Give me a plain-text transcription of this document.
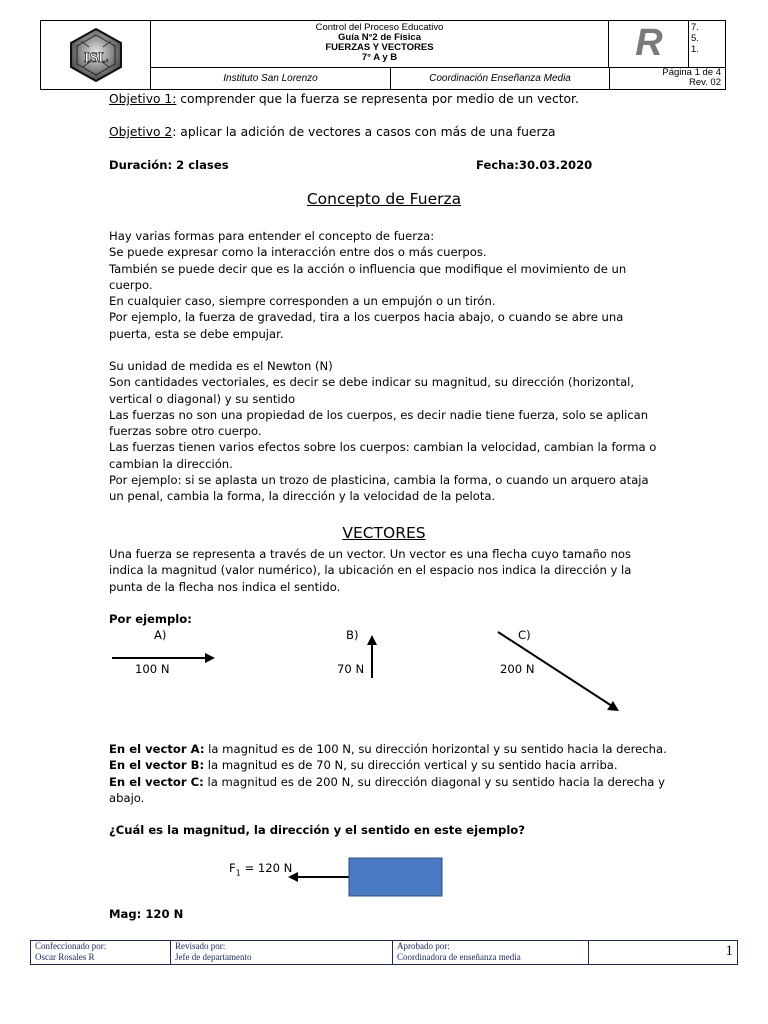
ISL
Control del Proceso Educativo
Guía N°2 de Física
FUERZAS Y VECTORES
7° A y B	R	7.
5.
1.
Instituto San Lorenzo	Coordinación Enseñanza Media
Página 1 de 4
Rev. 02
Objetivo 1: comprender que la fuerza se representa por medio de un vector.
Objetivo 2: aplicar la adición de vectores a casos con más de una fuerza
Duración: 2 clases	Fecha:30.03.2020
Concepto de Fuerza
Hay varias formas para entender el concepto de fuerza:
Se puede expresar como la interacción entre dos o más cuerpos.
También se puede decir que es la acción o influencia que modifique el movimiento de un
cuerpo.
En cualquier caso, siempre corresponden a un empujón o un tirón.
Por ejemplo, la fuerza de gravedad, tira a los cuerpos hacia abajo, o cuando se abre una
puerta, esta se debe empujar.
Su unidad de medida es el Newton (N)
Son cantidades vectoriales, es decir se debe indicar su magnitud, su dirección (horizontal,
vertical o diagonal) y su sentido
Las fuerzas no son una propiedad de los cuerpos, es decir nadie tiene fuerza, solo se aplican
fuerzas sobre otro cuerpo.
Las fuerzas tienen varios efectos sobre los cuerpos: cambian la velocidad, cambian la forma o
cambian la dirección.
Por ejemplo: si se aplasta un trozo de plasticina, cambia la forma, o cuando un arquero ataja
un penal, cambia la forma, la dirección y la velocidad de la pelota.
VECTORES
Una fuerza se representa a través de un vector. Un vector es una flecha cuyo tamaño nos
indica la magnitud (valor numérico), la ubicación en el espacio nos indica la dirección y la
punta de la flecha nos indica el sentido.
Por ejemplo:
A)	B)	C)
100 N	70 N	200 N
En el vector A: la magnitud es de 100 N, su dirección horizontal y su sentido hacia la derecha.
En el vector B: la magnitud es de 70 N, su dirección vertical y su sentido hacia arriba.
En el vector C: la magnitud es de 200 N, su dirección diagonal y su sentido hacia la derecha y
abajo.
¿Cuál es la magnitud, la dirección y el sentido en este ejemplo?
$F_1 = 120$ N
Mag: 120 N
Confeccionado por:
Oscar Rosales R
Revisado por:
Jefe de departamento
Aprobado por:
Coordinadora de enseñanza media	1
